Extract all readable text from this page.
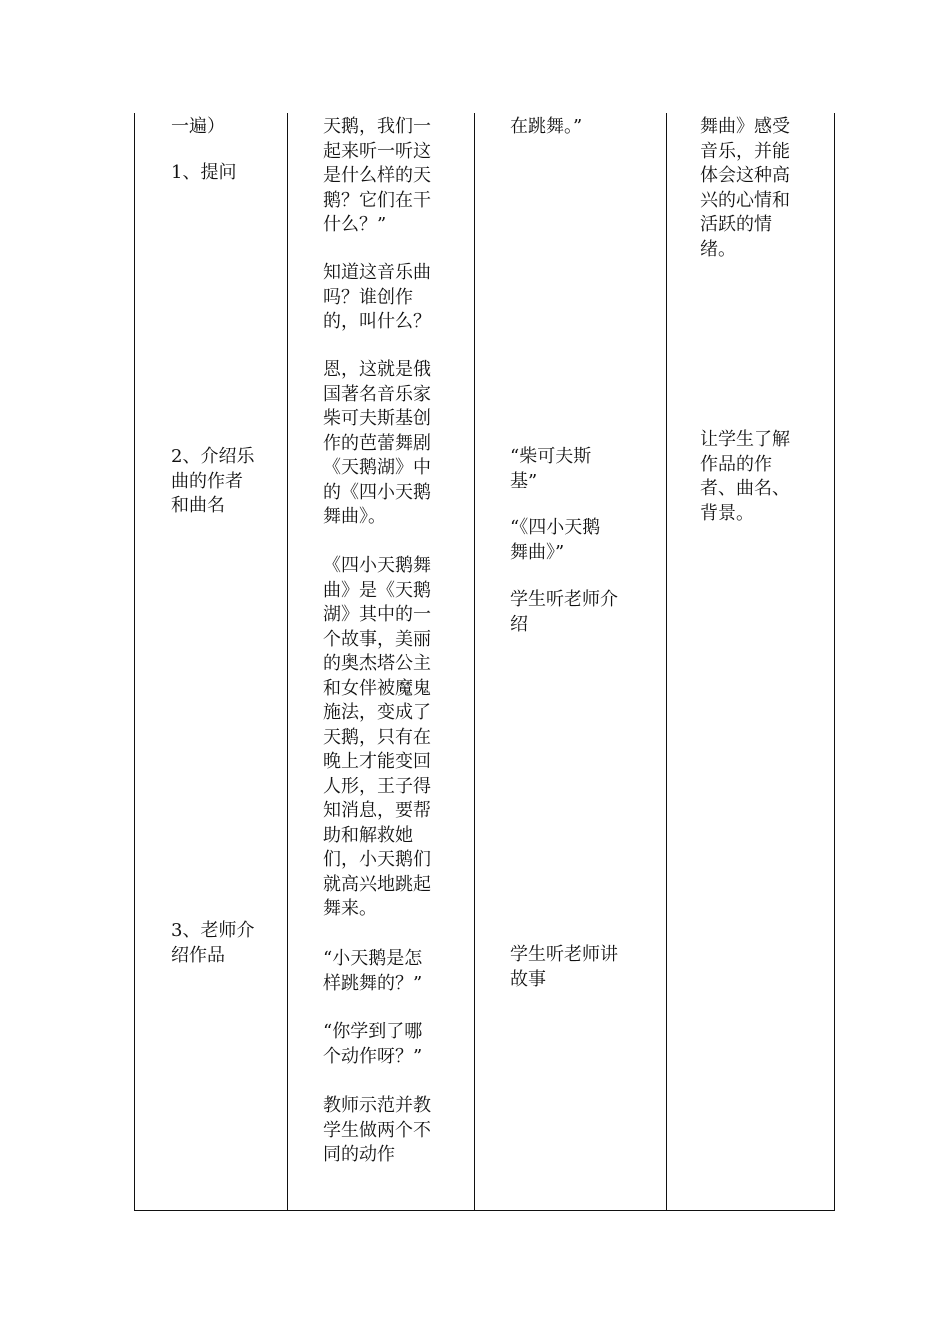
一遍）

1、提问

2、介绍乐

曲的作者

和曲名

3、老师介

绍作品

天鹅，我们一

起来听一听这

是什么样的天

鹅？它们在干

什么？”

知道这音乐曲

吗？谁创作

的，叫什么？

恩，这就是俄

国著名音乐家

柴可夫斯基创

作的芭蕾舞剧

《天鹅湖》中

的《四小天鹅

舞曲》。

《四小天鹅舞

曲》是《天鹅

湖》其中的一

个故事，美丽

的奥杰塔公主

和女伴被魔鬼

施法，变成了

天鹅，只有在

晚上才能变回

人形，王子得

知消息，要帮

助和解救她

们，小天鹅们

就高兴地跳起

舞来。

“小天鹅是怎

样跳舞的？”

“你学到了哪

个动作呀？”

教师示范并教

学生做两个不

同的动作

在跳舞。”

“柴可夫斯

基”

“《四小天鹅

舞曲》”

学生听老师介

绍

学生听老师讲

故事

舞曲》感受

音乐，并能

体会这种高

兴的心情和

活跃的情

绪。

让学生了解

作品的作

者、曲名、

背景。
